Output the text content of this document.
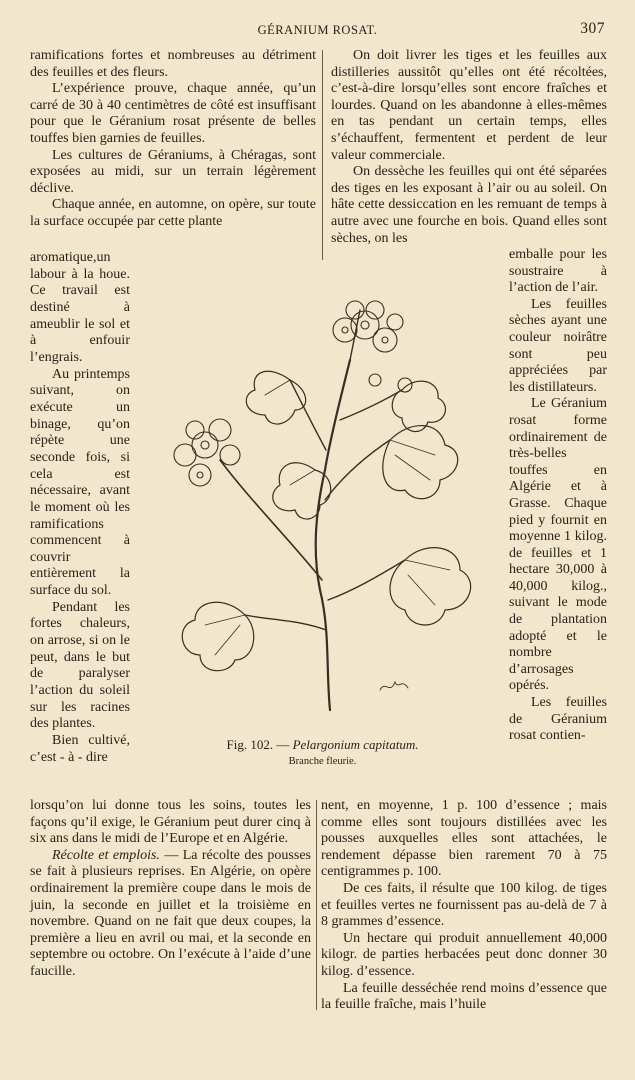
GÉRANIUM ROSAT.	307

ramifications fortes et nombreuses au détriment des feuilles et des fleurs.

L’expérience prouve, chaque année, qu’un carré de 30 à 40 centimètres de côté est insuffisant pour que le Géranium rosat présente de belles touffes bien garnies de feuilles.

Les cultures de Géraniums, à Chéragas, sont exposées au midi, sur un terrain légèrement déclive.

Chaque année, en automne, on opère, sur toute la surface occupée par cette plante

On doit livrer les tiges et les feuilles aux distilleries aussitôt qu’elles ont été récoltées, c’est-à-dire lorsqu’elles sont encore fraîches et lourdes. Quand on les abandonne à elles-mêmes en tas pendant un certain temps, elles s’échauffent, fermentent et perdent de leur valeur commerciale.

On dessèche les feuilles qui ont été séparées des tiges en les exposant à l’air ou au soleil. On hâte cette dessiccation en les remuant de temps à autre avec une fourche en bois. Quand elles sont sèches, on les

aromatique,un labour à la houe. Ce travail est destiné à ameublir le sol et à enfouir l’engrais.

Au printemps suivant, on exécute un binage, qu’on répète une seconde fois, si cela est nécessaire, avant le moment où les ramifications commencent à couvrir entièrement la surface du sol.

Pendant les fortes chaleurs, on arrose, si on le peut, dans le but de paralyser l’action du soleil sur les racines des plantes.

Bien cultivé, c’est - à - dire

emballe pour les soustraire à l’action de l’air.

Les feuilles sèches ayant une couleur noirâtre sont peu appréciées par les distillateurs.

Le Géranium rosat forme ordinairement de très-belles touffes en Algérie et à Grasse. Chaque pied y fournit en moyenne 1 kilog. de feuilles et 1 hectare 30,000 à 40,000 kilog., suivant le mode de plantation adopté et le nombre d’arrosages opérés.

Les feuilles de Géranium rosat contien-

Fig. 102. — Pelargonium capitatum.
Branche fleurie.

lorsqu’on lui donne tous les soins, toutes les façons qu’il exige, le Géranium peut durer cinq à six ans dans le midi de l’Europe et en Algérie.

Récolte et emplois. — La récolte des pousses se fait à plusieurs reprises. En Algérie, on opère ordinairement la première coupe dans le mois de juin, la seconde en juillet et la troisième en novembre. Quand on ne fait que deux coupes, la première a lieu en avril ou mai, et la seconde en septembre ou octobre. On l’exécute à l’aide d’une faucille.

nent, en moyenne, 1 p. 100 d’essence ; mais comme elles sont toujours distillées avec les pousses auxquelles elles sont attachées, le rendement dépasse bien rarement 70 à 75 centigrammes p. 100.

De ces faits, il résulte que 100 kilog. de tiges et feuilles vertes ne fournissent pas au-delà de 7 à 8 grammes d’essence.

Un hectare qui produit annuellement 40,000 kilogr. de parties herbacées peut donc donner 30 kilog. d’essence.

La feuille desséchée rend moins d’essence que la feuille fraîche, mais l’huile
